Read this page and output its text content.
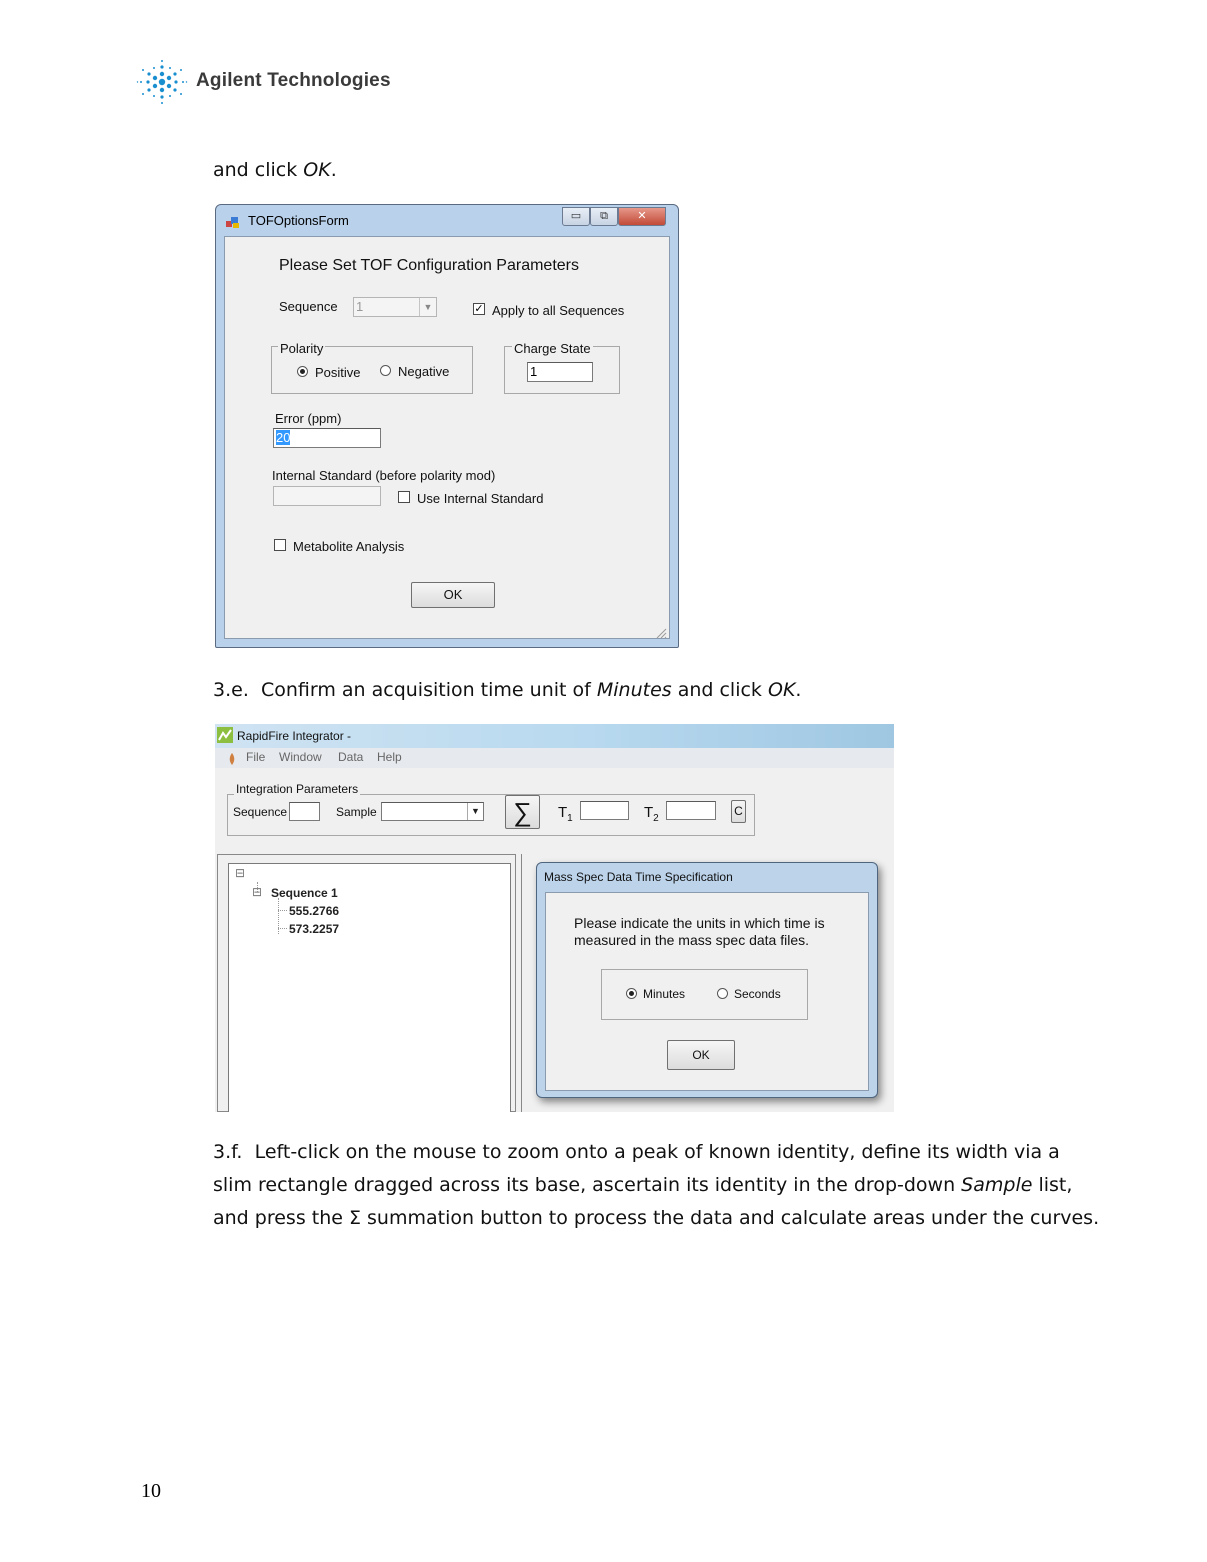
Agilent Technologies
and click OK.
TOFOptionsForm	▭	⧉	✕
Please Set TOF Configuration Parameters
Sequence 1	▼	✓ Apply to all Sequences
Polarity
Positive	Negative
Charge State
1
Error (ppm)
20
Internal Standard (before polarity mod)
Use Internal Standard
Metabolite Analysis
OK
3.e. Confirm an acquisition time unit of Minutes and click OK.
RapidFire Integrator -
File Window Data Help
Integration Parameters
Sequence	Sample	▼	∑	$T_1$	$T_2$
C
⊟
⊟ Sequence 1
555.2766
573.2257
Mass Spec Data Time Specification
Please indicate the units in which time is
measured in the mass spec data files.
Minutes	Seconds
OK
3.f. Left-click on the mouse to zoom onto a peak of known identity, define its width via a
slim rectangle dragged across its base, ascertain its identity in the drop-down Sample list,
and press the Σ summation button to process the data and calculate areas under the curves.
10
